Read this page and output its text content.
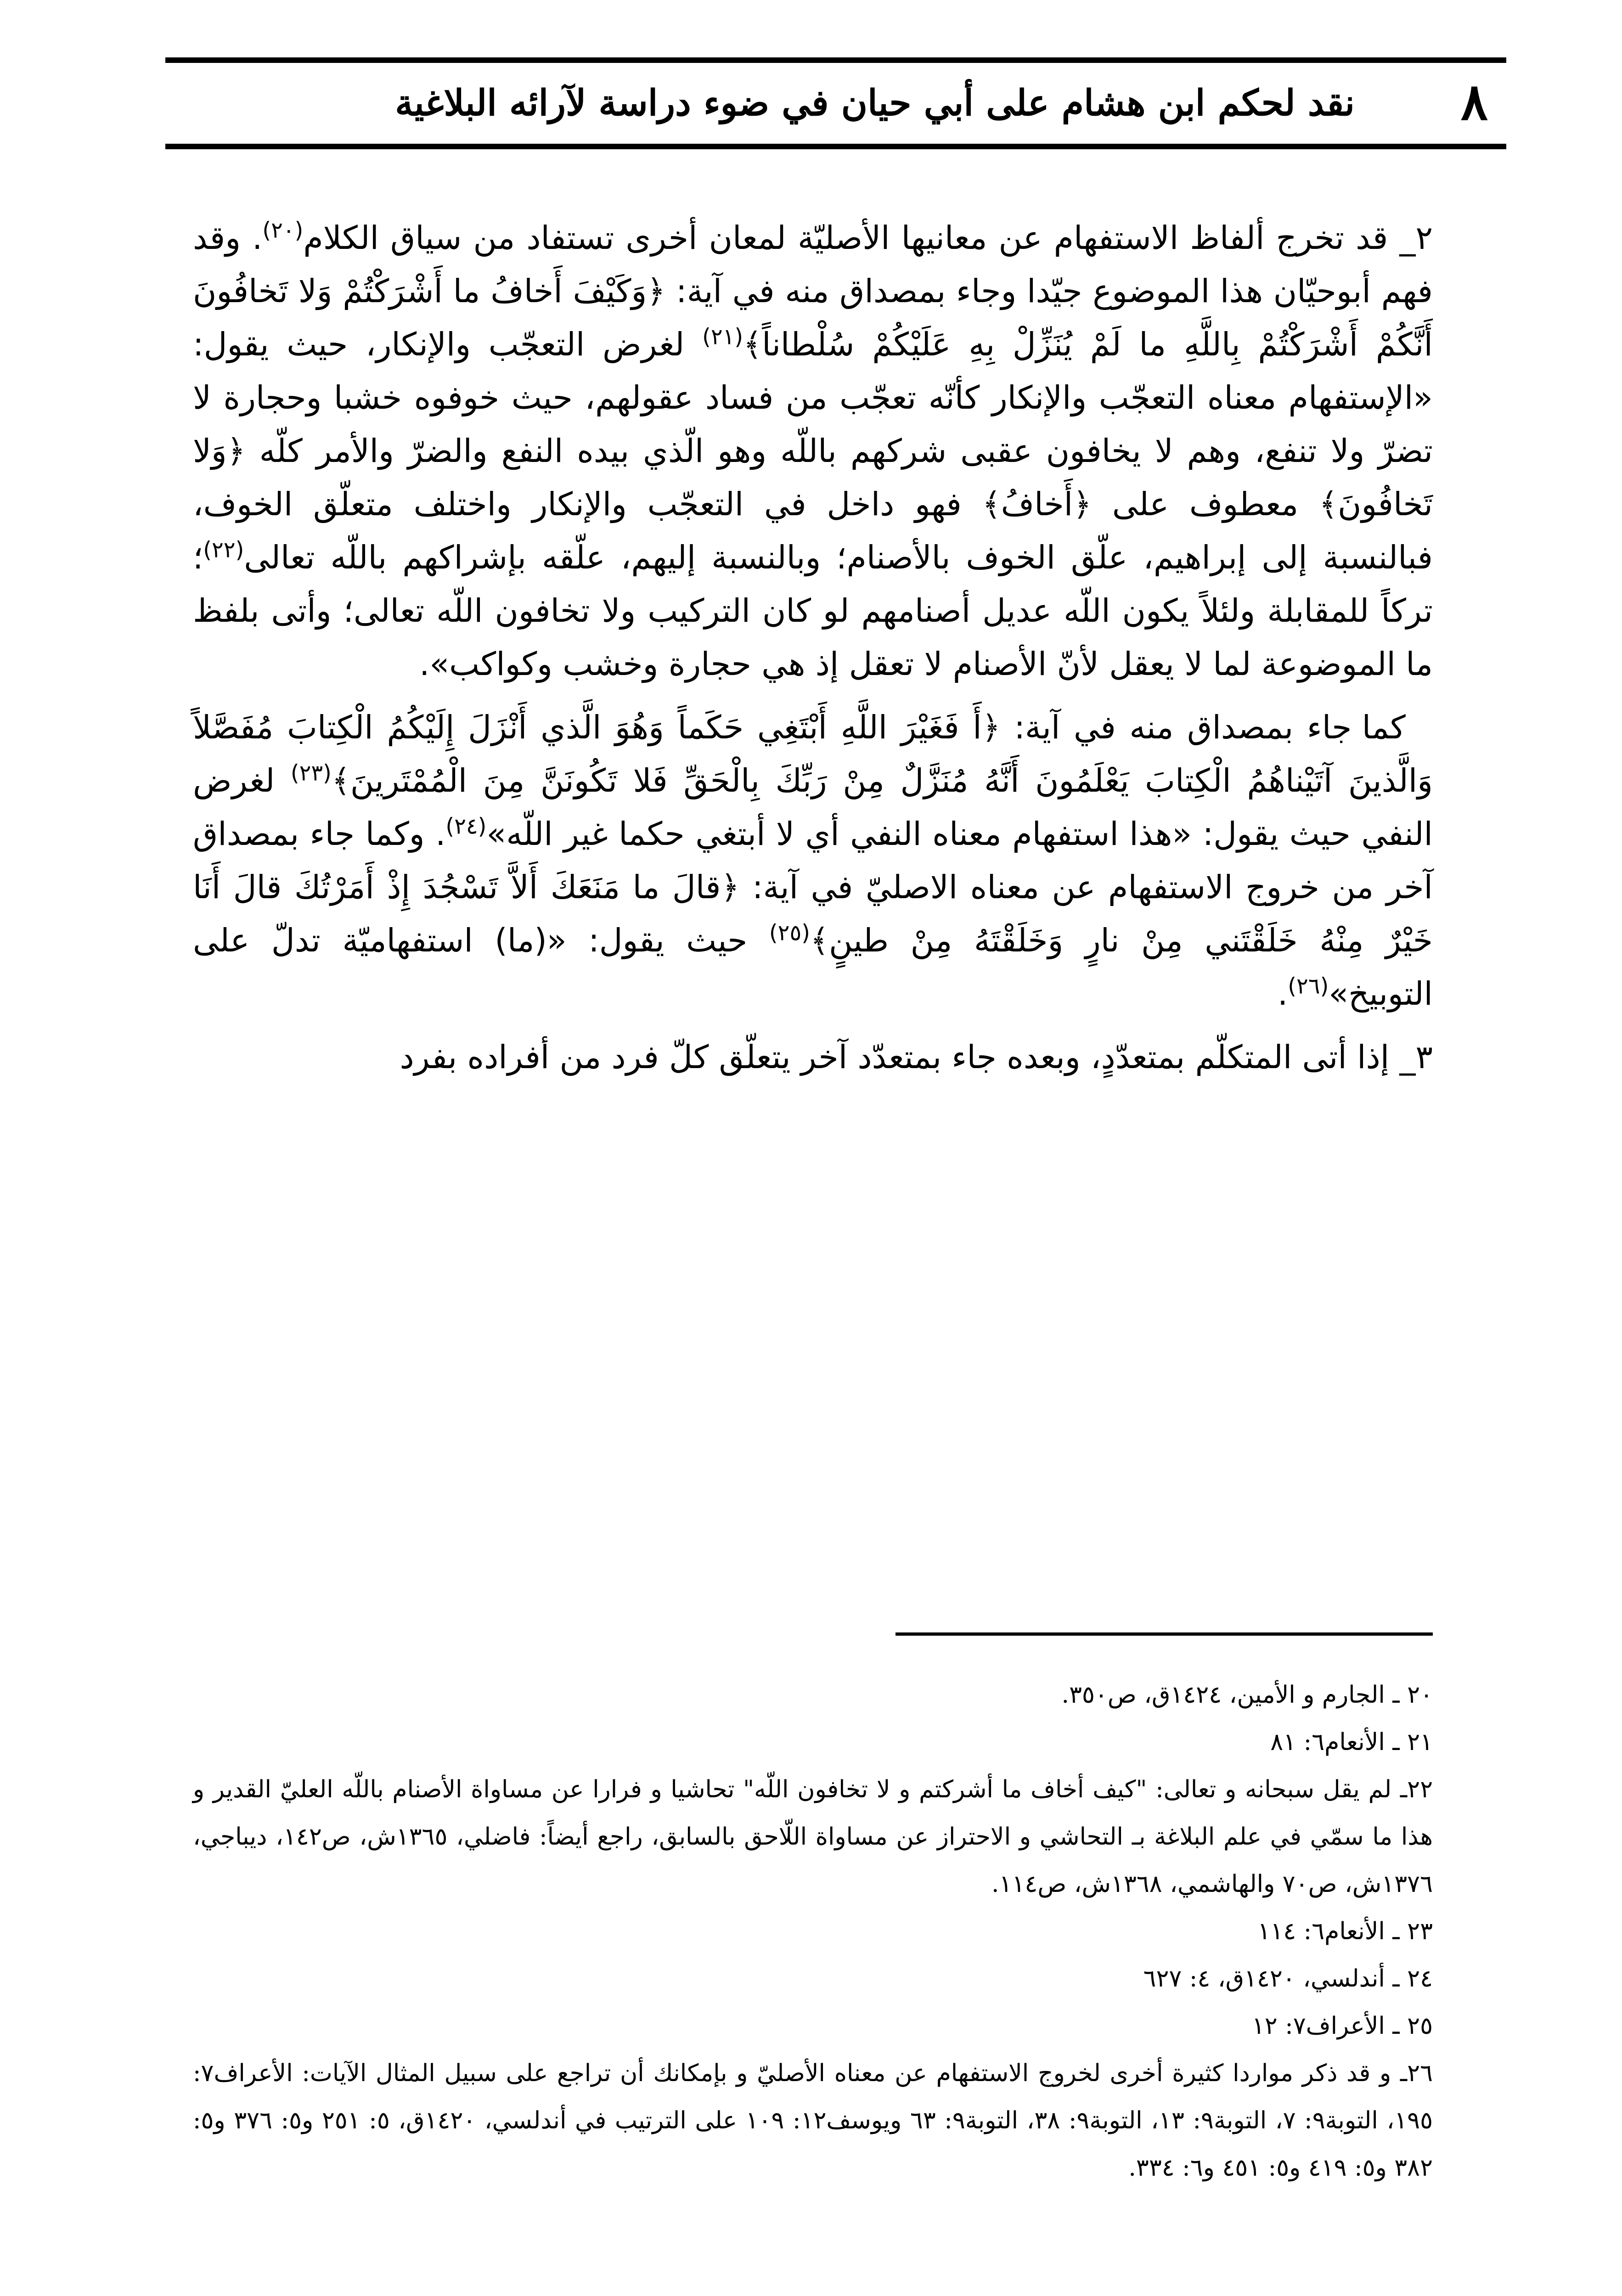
٨
نقد لحكم ابن هشام على أبي حيان في ضوء دراسة لآرائه البلاغية

٢_ قد تخرج ألفاظ الاستفهام عن معانيها الأصليّة لمعان أخرى تستفاد من سياق الكلام$^{(٢٠)}$. وقد فهم أبوحيّان هذا الموضوع جيّدا وجاء بمصداق منه في آية: ﴿وَكَيْفَ أَخافُ ما أَشْرَكْتُمْ وَلا تَخافُونَ أَنَّكُمْ أَشْرَكْتُمْ بِاللَّهِ ما لَمْ يُنَزِّلْ بِهِ عَلَيْكُمْ سُلْطاناً﴾$^{(٢١)}$ لغرض التعجّب والإنكار، حيث يقول: «الإستفهام معناه التعجّب والإنكار كأنّه تعجّب من فساد عقولهم، حيث خوفوه خشبا وحجارة لا تضرّ ولا تنفع، وهم لا يخافون عقبى شركهم باللّه وهو الّذي بيده النفع والضرّ والأمر كلّه ﴿وَلا تَخافُونَ﴾ معطوف على ﴿أَخافُ﴾ فهو داخل في التعجّب والإنكار واختلف متعلّق الخوف، فبالنسبة إلى إبراهيم، علّق الخوف بالأصنام؛ وبالنسبة إليهم، علّقه بإشراكهم باللّه تعالى$^{(٢٢)}$؛ تركاً للمقابلة ولئلاً يكون اللّه عديل أصنامهم لو كان التركيب ولا تخافون اللّه تعالى؛ وأتى بلفظ ما الموضوعة لما لا يعقل لأنّ الأصنام لا تعقل إذ هي حجارة وخشب وكواكب».

كما جاء بمصداق منه في آية: ﴿أَ فَغَيْرَ اللَّهِ أَبْتَغِي حَكَماً وَهُوَ الَّذي أَنْزَلَ إِلَيْكُمُ الْكِتابَ مُفَصَّلاً وَالَّذينَ آتَيْناهُمُ الْكِتابَ يَعْلَمُونَ أَنَّهُ مُنَزَّلٌ مِنْ رَبِّكَ بِالْحَقِّ فَلا تَكُونَنَّ مِنَ الْمُمْتَرينَ﴾$^{(٢٣)}$ لغرض النفي حيث يقول: «هذا استفهام معناه النفي أي لا أبتغي حكما غير اللّه»$^{(٢٤)}$. وكما جاء بمصداق آخر من خروج الاستفهام عن معناه الاصليّ في آية: ﴿قالَ ما مَنَعَكَ أَلاَّ تَسْجُدَ إِذْ أَمَرْتُكَ قالَ أَنَا خَيْرٌ مِنْهُ خَلَقْتَني مِنْ نارٍ وَخَلَقْتَهُ مِنْ طينٍ﴾$^{(٢٥)}$ حيث يقول: «(ما) استفهاميّة تدلّ على التوبيخ»$^{(٢٦)}$.

٣_ إذا أتى المتكلّم بمتعدّدٍ، وبعده جاء بمتعدّد آخر يتعلّق كلّ فرد من أفراده بفرد

٢٠ ـ الجارم و الأمين، ١٤٢٤ق، ص٣٥٠.

٢١ ـ الأنعام٦: ٨١

٢٢ـ لم يقل سبحانه و تعالى: "كيف أخاف ما أشركتم و لا تخافون اللّه" تحاشيا و فرارا عن مساواة الأصنام باللّه العليّ القدير و هذا ما سمّي في علم البلاغة بـ التحاشي و الاحتراز عن مساواة اللّاحق بالسابق، راجع أيضاً: فاضلي، ١٣٦٥ش، ص١٤٢، ديباجي، ١٣٧٦ش، ص٧٠ والهاشمي، ١٣٦٨ش، ص١١٤.

٢٣ ـ الأنعام٦: ١١٤

٢٤ ـ أندلسي، ١٤٢٠ق، ٤: ٦٢٧

٢٥ ـ الأعراف٧: ١٢

٢٦ـ و قد ذكر مواردا كثيرة أخرى لخروج الاستفهام عن معناه الأصليّ و بإمكانك أن تراجع على سبيل المثال الآيات: الأعراف٧: ١٩٥، التوبة٩: ٧، التوبة٩: ١٣، التوبة٩: ٣٨، التوبة٩: ٦٣ ويوسف١٢: ١٠٩ على الترتيب في أندلسي، ١٤٢٠ق، ٥: ٢٥١ و٥: ٣٧٦ و٥: ٣٨٢ و٥: ٤١٩ و٥: ٤٥١ و٦: ٣٣٤.
